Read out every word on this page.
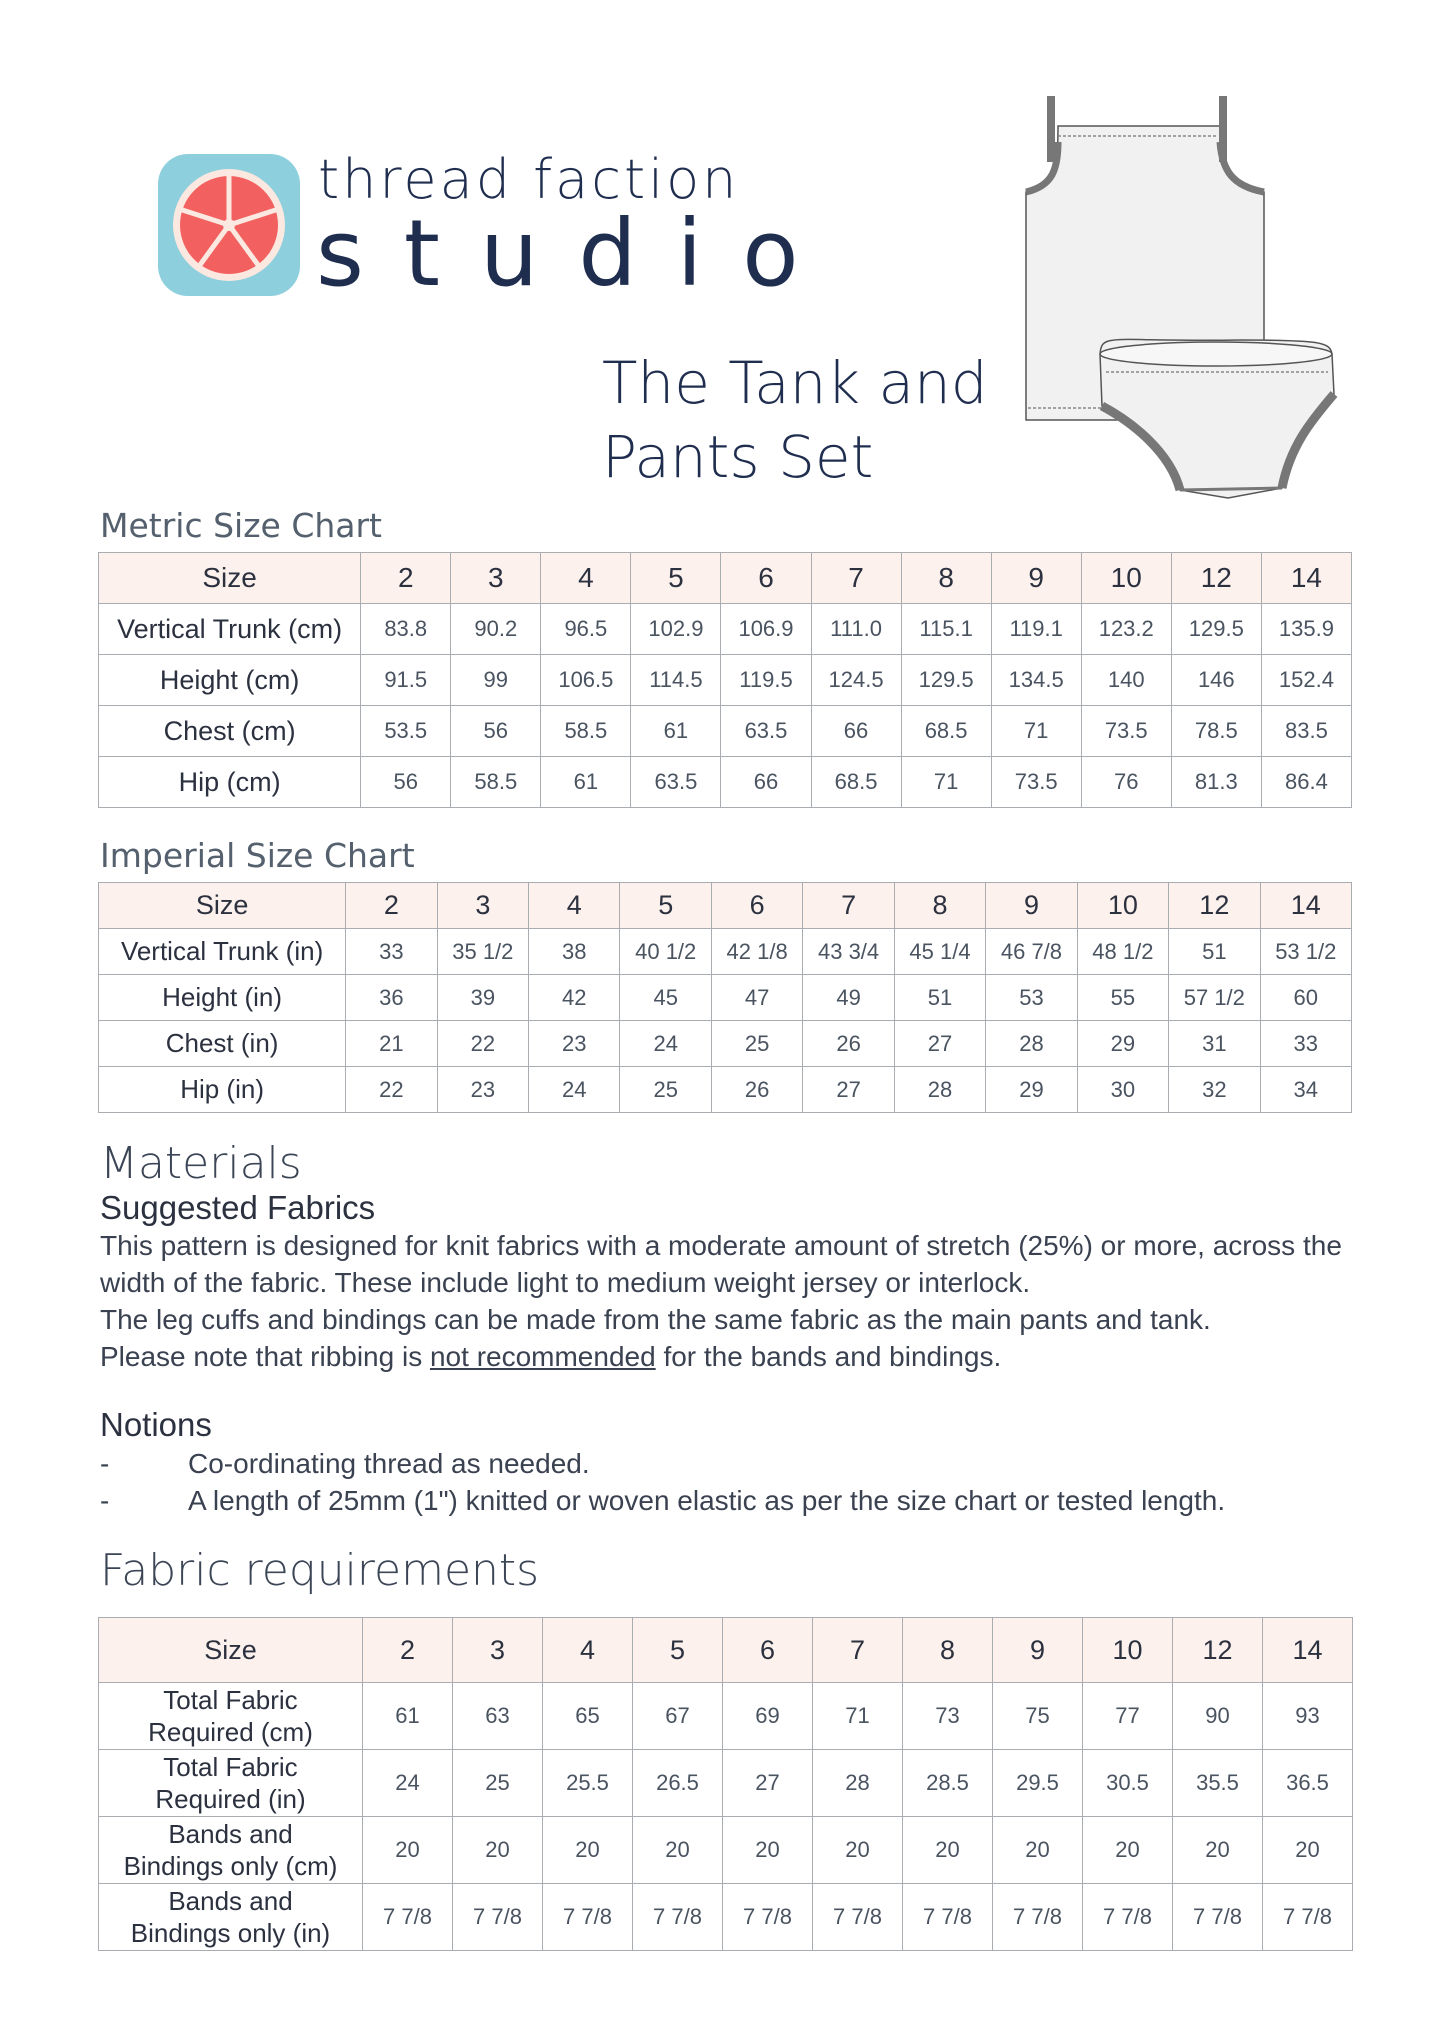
thread faction
studio
The Tank and
Pants Set
Metric Size Chart
Size	2	3	4	5	6	7	8	9	10	12	14
Vertical Trunk (cm)	83.8	90.2	96.5	102.9	106.9	111.0	115.1	119.1	123.2	129.5	135.9
Height (cm)	91.5	99	106.5	114.5	119.5	124.5	129.5	134.5	140	146	152.4
Chest (cm)	53.5	56	58.5	61	63.5	66	68.5	71	73.5	78.5	83.5
Hip (cm)	56	58.5	61	63.5	66	68.5	71	73.5	76	81.3	86.4
Imperial Size Chart
Size	2	3	4	5	6	7	8	9	10	12	14
Vertical Trunk (in)	33	35 1/2	38	40 1/2	42 1/8	43 3/4	45 1/4	46 7/8	48 1/2	51	53 1/2
Height (in)	36	39	42	45	47	49	51	53	55	57 1/2	60
Chest (in)	21	22	23	24	25	26	27	28	29	31	33
Hip (in)	22	23	24	25	26	27	28	29	30	32	34
Materials
Suggested Fabrics
This pattern is designed for knit fabrics with a moderate amount of stretch (25%) or more, across the width of the fabric. These include light to medium weight jersey or interlock.
The leg cuffs and bindings can be made from the same fabric as the main pants and tank.
Please note that ribbing is not recommended for the bands and bindings.
Notions
-	Co-ordinating thread as needed.
-	A length of 25mm (1") knitted or woven elastic as per the size chart or tested length.
Fabric requirements
Size	2	3	4	5	6	7	8	9	10	12	14

Total Fabric
Required (cm)	61	63	65	67	69	71	73	75	77	90	93

Total Fabric
Required (in)	24	25	25.5	26.5	27	28	28.5	29.5	30.5	35.5	36.5

Bands and
Bindings only (cm)	20	20	20	20	20	20	20	20	20	20	20

Bands and
Bindings only (in)	7 7/8	7 7/8	7 7/8	7 7/8	7 7/8	7 7/8	7 7/8	7 7/8	7 7/8	7 7/8	7 7/8
